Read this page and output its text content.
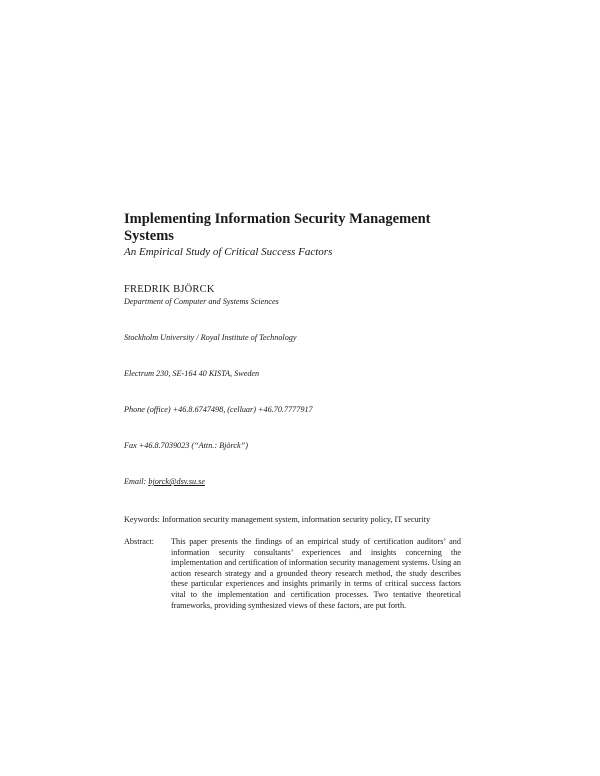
Implementing Information Security Management Systems
An Empirical Study of Critical Success Factors
FREDRIK BJÖRCK
Department of Computer and Systems Sciences
Stockholm University / Royal Institute of Technology
Electrum 230, SE-164 40 KISTA, Sweden
Phone (office) +46.8.6747498, (celluar) +46.70.7777917
Fax +46.8.7039023 (“Attn.: Björck”)
Email: bjorck@dsv.su.se
Keywords: Information security management system, information security policy, IT security
Abstract: This paper presents the findings of an empirical study of certification auditors’ and information security consultants’ experiences and insights concerning the implementation and certification of information security management systems. Using an action research strategy and a grounded theory research method, the study describes these particular experiences and insights primarily in terms of critical success factors vital to the implementation and certification processes. Two tentative theoretical frameworks, providing synthesized views of these factors, are put forth.
